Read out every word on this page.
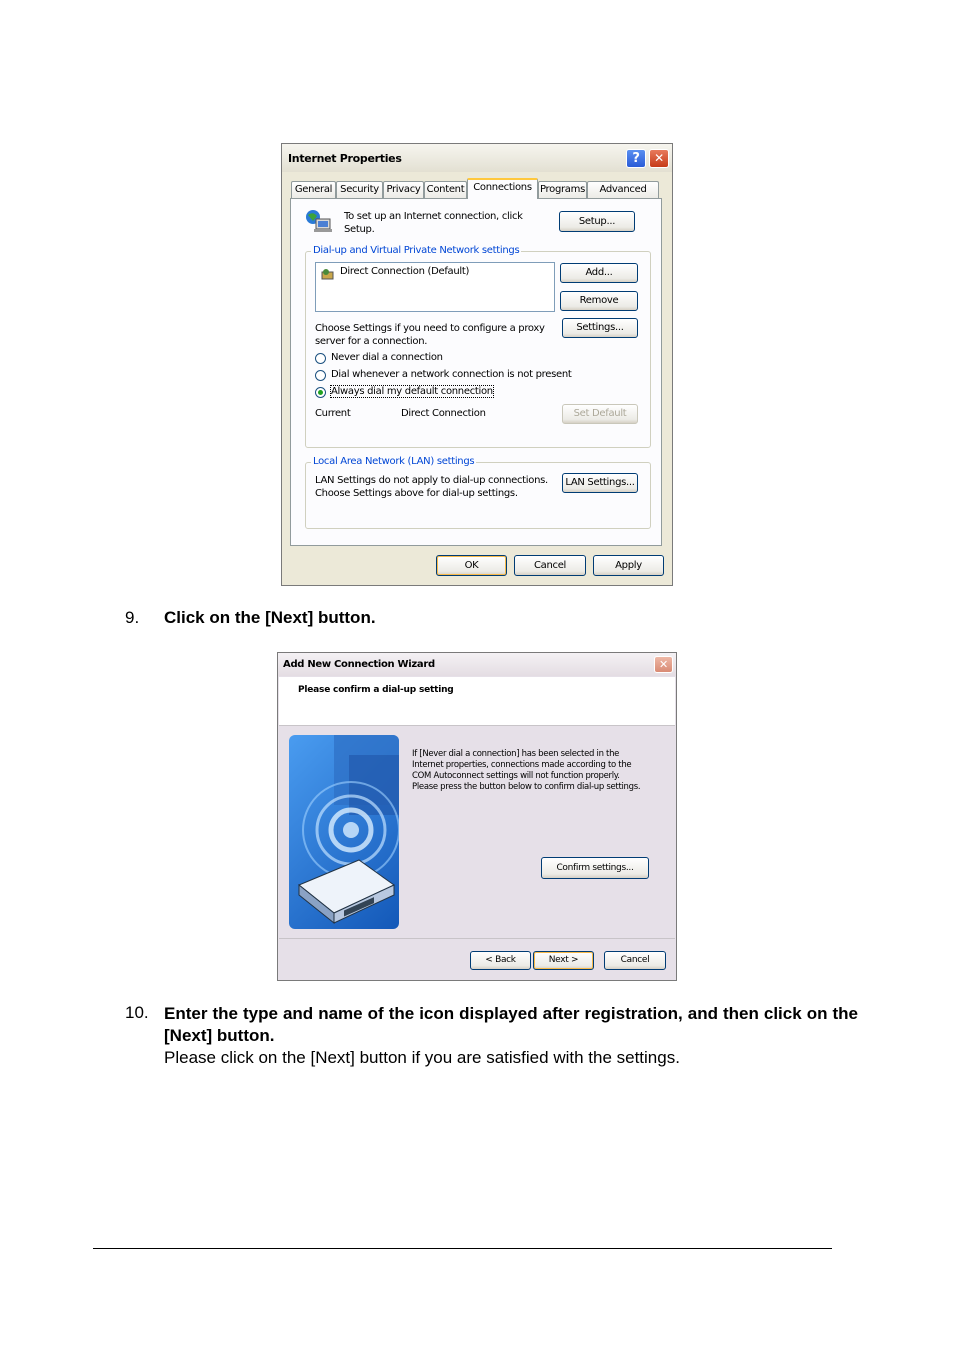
Internet Properties	?	✕
General Security Privacy Content Connections Programs	Advanced
To set up an Internet connection, click Setup.
Setup...
Dial-up and Virtual Private Network settings
Direct Connection (Default)	Add...
Remove
Choose Settings if you need to configure a proxy server for a connection.
Settings...
Never dial a connection
Dial whenever a network connection is not present
Always dial my default connection
Current	Direct Connection	Set Default
Local Area Network (LAN) settings
LAN Settings do not apply to dial-up connections. Choose Settings above for dial-up settings.
LAN Settings...
OK	Cancel	Apply
9. Click on the [Next] button.
Add New Connection Wizard	✕
Please confirm a dial-up setting
If [Never dial a connection] has been selected in the Internet properties, connections made according to the COM Autoconnect settings will not function properly. Please press the button below to confirm dial-up settings.
Confirm settings...
< Back	Next >	Cancel
10. Enter the type and name of the icon displayed after registration, and then click on the [Next] button.
Please click on the [Next] button if you are satisfied with the settings.
